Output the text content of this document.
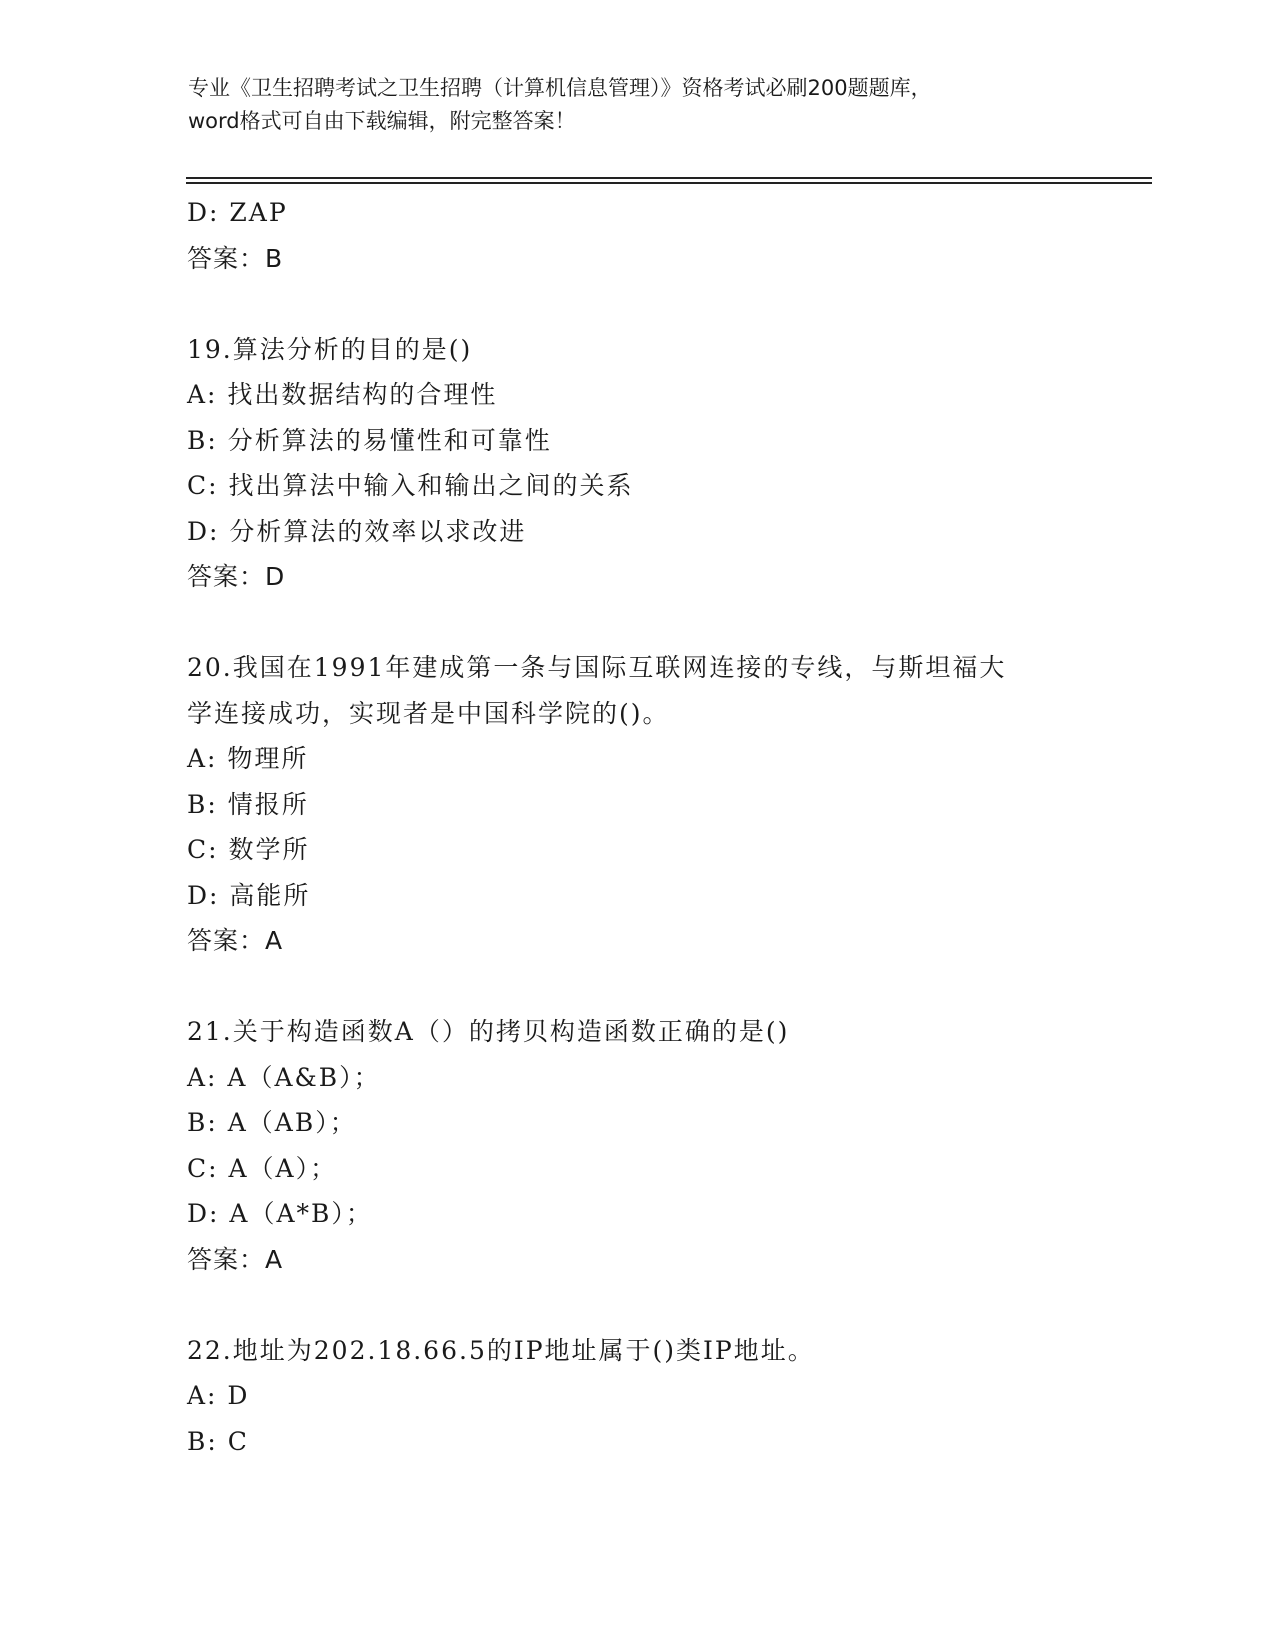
专业《卫生招聘考试之卫生招聘（计算机信息管理）》资格考试必刷200题题库，
word格式可自由下载编辑，附完整答案！
D: ZAP
答案：B
19.算法分析的目的是()
A: 找出数据结构的合理性
B: 分析算法的易懂性和可靠性
C: 找出算法中输入和输出之间的关系
D: 分析算法的效率以求改进
答案：D
20.我国在1991年建成第一条与国际互联网连接的专线，与斯坦福大
学连接成功，实现者是中国科学院的()。
A: 物理所
B: 情报所
C: 数学所
D: 高能所
答案：A
21.关于构造函数A（）的拷贝构造函数正确的是()
A: A（A&B）；
B: A（AB）；
C: A（A）；
D: A（A*B）；
答案：A
22.地址为202.18.66.5的IP地址属于()类IP地址。
A: D
B: C
